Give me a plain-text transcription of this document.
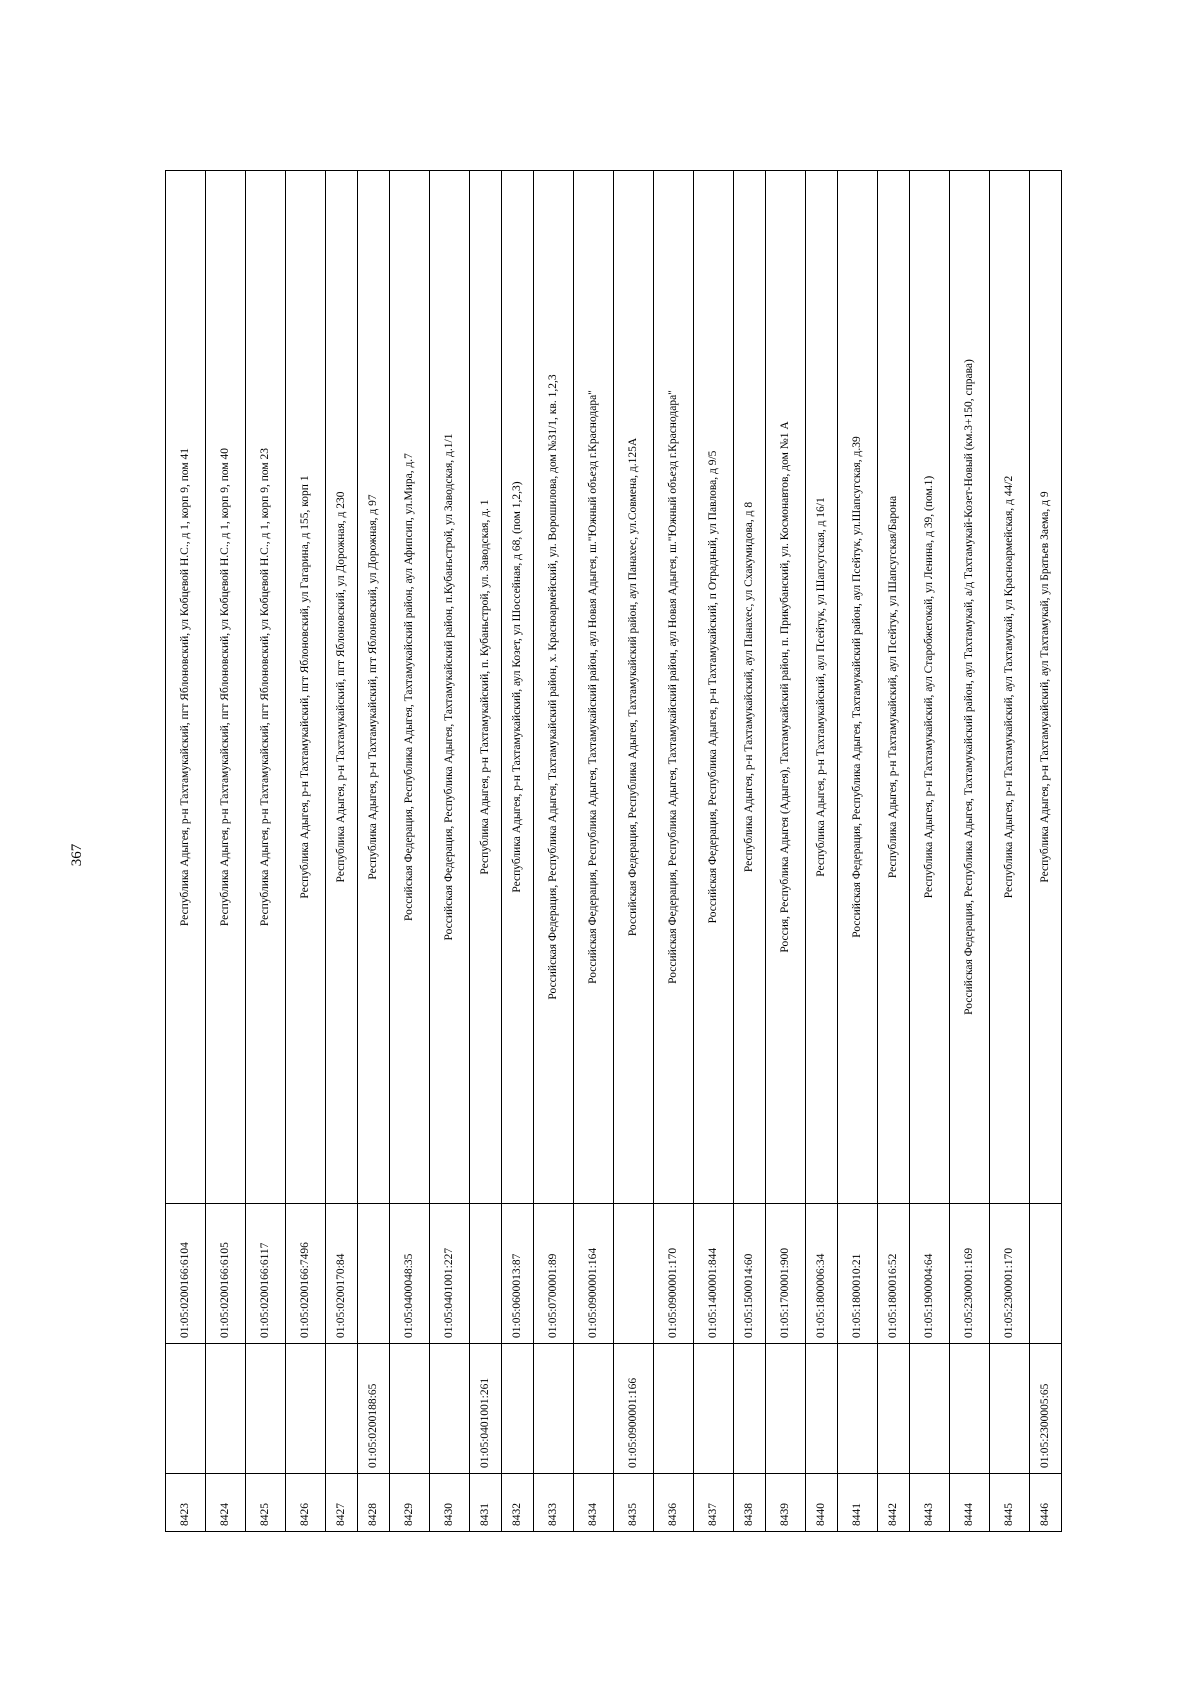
367
8423		01:05:0200166:6104	Республика Адыгея, р-н Тахтамукайский, пгт Яблоновский, ул Кобцевой Н.С., д 1, корп 9, пом 41
8424		01:05:0200166:6105	Республика Адыгея, р-н Тахтамукайский, пгт Яблоновский, ул Кобцевой Н.С., д 1, корп 9, пом 40
8425		01:05:0200166:6117	Республика Адыгея, р-н Тахтамукайский, пгт Яблоновский, ул Кобцевой Н.С., д 1, корп 9, пом 23
8426		01:05:0200166:7496	Республика Адыгея, р-н Тахтамукайский, пгт Яблоновский, ул Гагарина, д 155, корп 1
8427		01:05:0200170:84	Республика Адыгея, р-н Тахтамукайский, пгт Яблоновский, ул Дорожная, д 230
8428	01:05:0200188:65		Республика Адыгея, р-н Тахтамукайский, пгт Яблоновский, ул Дорожная, д 97
8429		01:05:0400048:35	Российская Федерация, Республика Адыгея, Тахтамукайский район, аул Афипсип, ул.Мира, д.7
8430		01:05:0401001:227	Российская Федерация, Республика Адыгея, Тахтамукайский район, п.Кубанъстрой, ул Заводская, д.1/1
8431	01:05:0401001:261		Республика Адыгея, р-н Тахтамукайский, п. Кубаньстрой, ул. Заводская, д. 1
8432		01:05:0600013:87	Республика Адыгея, р-н Тахтамукайский, аул Козет, ул Шоссейная, д 68, (пом 1,2,3)
8433		01:05:0700001:89	Российская Федерация, Республика Адыгея, Тахтамукайский район, х. Красноармейский, ул. Ворошилова, дом №31/1, кв. 1,2,3
8434		01:05:0900001:164	Российская Федерация, Республика Адыгея, Тахтамукайский район, аул Новая Адыгея, ш."Южный объезд г.Краснодара"
8435	01:05:0900001:166		Российская Федерация, Республика Адыгея, Тахтамукайский район, аул Панахес, ул.Совмена, д.125А
8436		01:05:0900001:170	Российская Федерация, Республика Адыгея, Тахтамукайский район, аул Новая Адыгея, ш."Южный объезд г.Краснодара"
8437		01:05:1400001:844	Российская Федерация, Республика Адыгея, р-н Тахтамукайский, п Отрадный, ул Павлова, д 9/5
8438		01:05:1500014:60	Республика Адыгея, р-н Тахтамукайский, аул Панахес, ул Схакумидова, д 8
8439		01:05:1700001:900	Россия, Республика Адыгея (Адыгея), Тахтамукайский район, п. Прикубанский, ул. Космонавтов, дом №1 А
8440		01:05:1800006:34	Республика Адыгея, р-н Тахтамукайский, аул Псейтук, ул Шапсугская, д 16/1
8441		01:05:1800010:21	Российская Федерация, Республика Адыгея, Тахтамукайский район, аул Псейтук, ул.Шапсугская, д.39
8442		01:05:1800016:52	Республика Адыгея, р-н Тахтамукайский, аул Псейтук, ул Шапсугская/Барона
8443		01:05:1900004:64	Республика Адыгея, р-н Тахтамукайский, аул Старобжегокай, ул Ленина, д 39, (пом.1)
8444		01:05:2300001:169	Российская Федерация, Республика Адыгея, Тахтамукайский район, аул Тахтамукай, а/д Тахтамукай-Козет-Новый (км.3+150, справа)
8445		01:05:2300001:170	Республика Адыгея, р-н Тахтамукайский, аул Тахтамукай, ул Красноармейская, д 44/2
8446	01:05:2300005:65		Республика Адыгея, р-н Тахтамукайский, аул Тахтамукай, ул Братьев Заема, д 9
